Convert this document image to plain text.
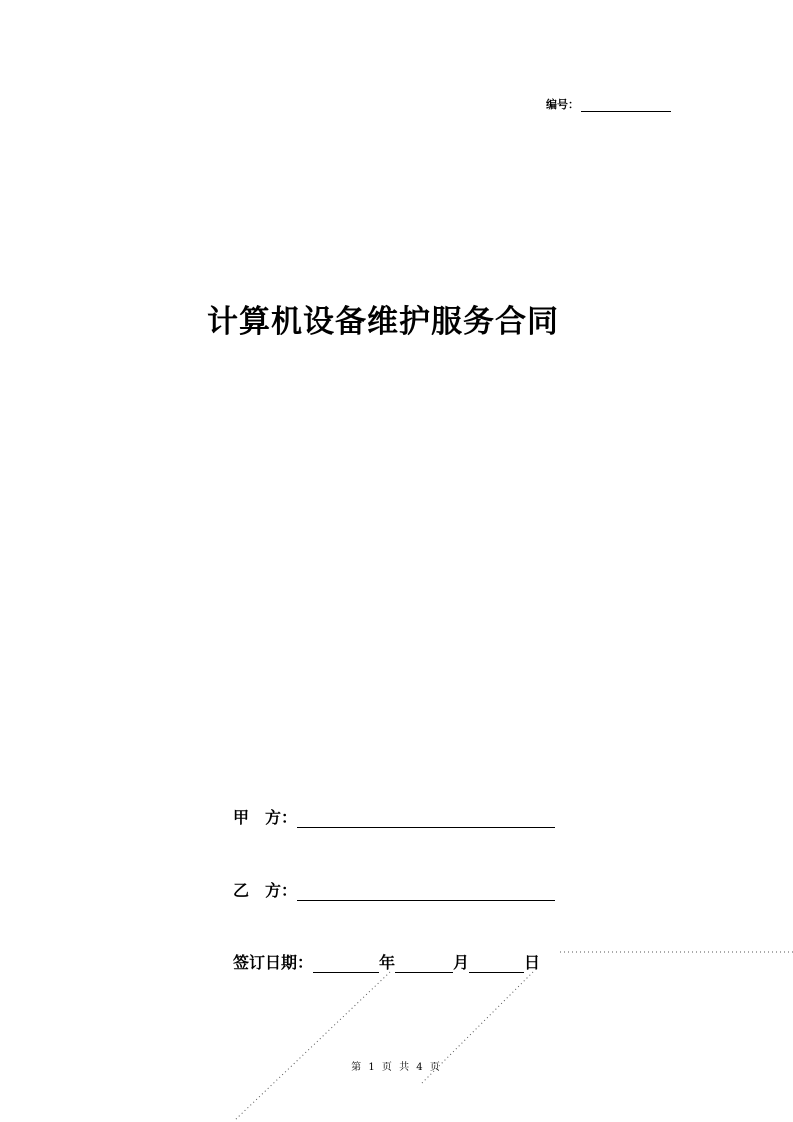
编号：
计算机设备维护服务合同
甲　方：
乙　方：
签订日期：	年	月	日
第 1 页 共 4 页
